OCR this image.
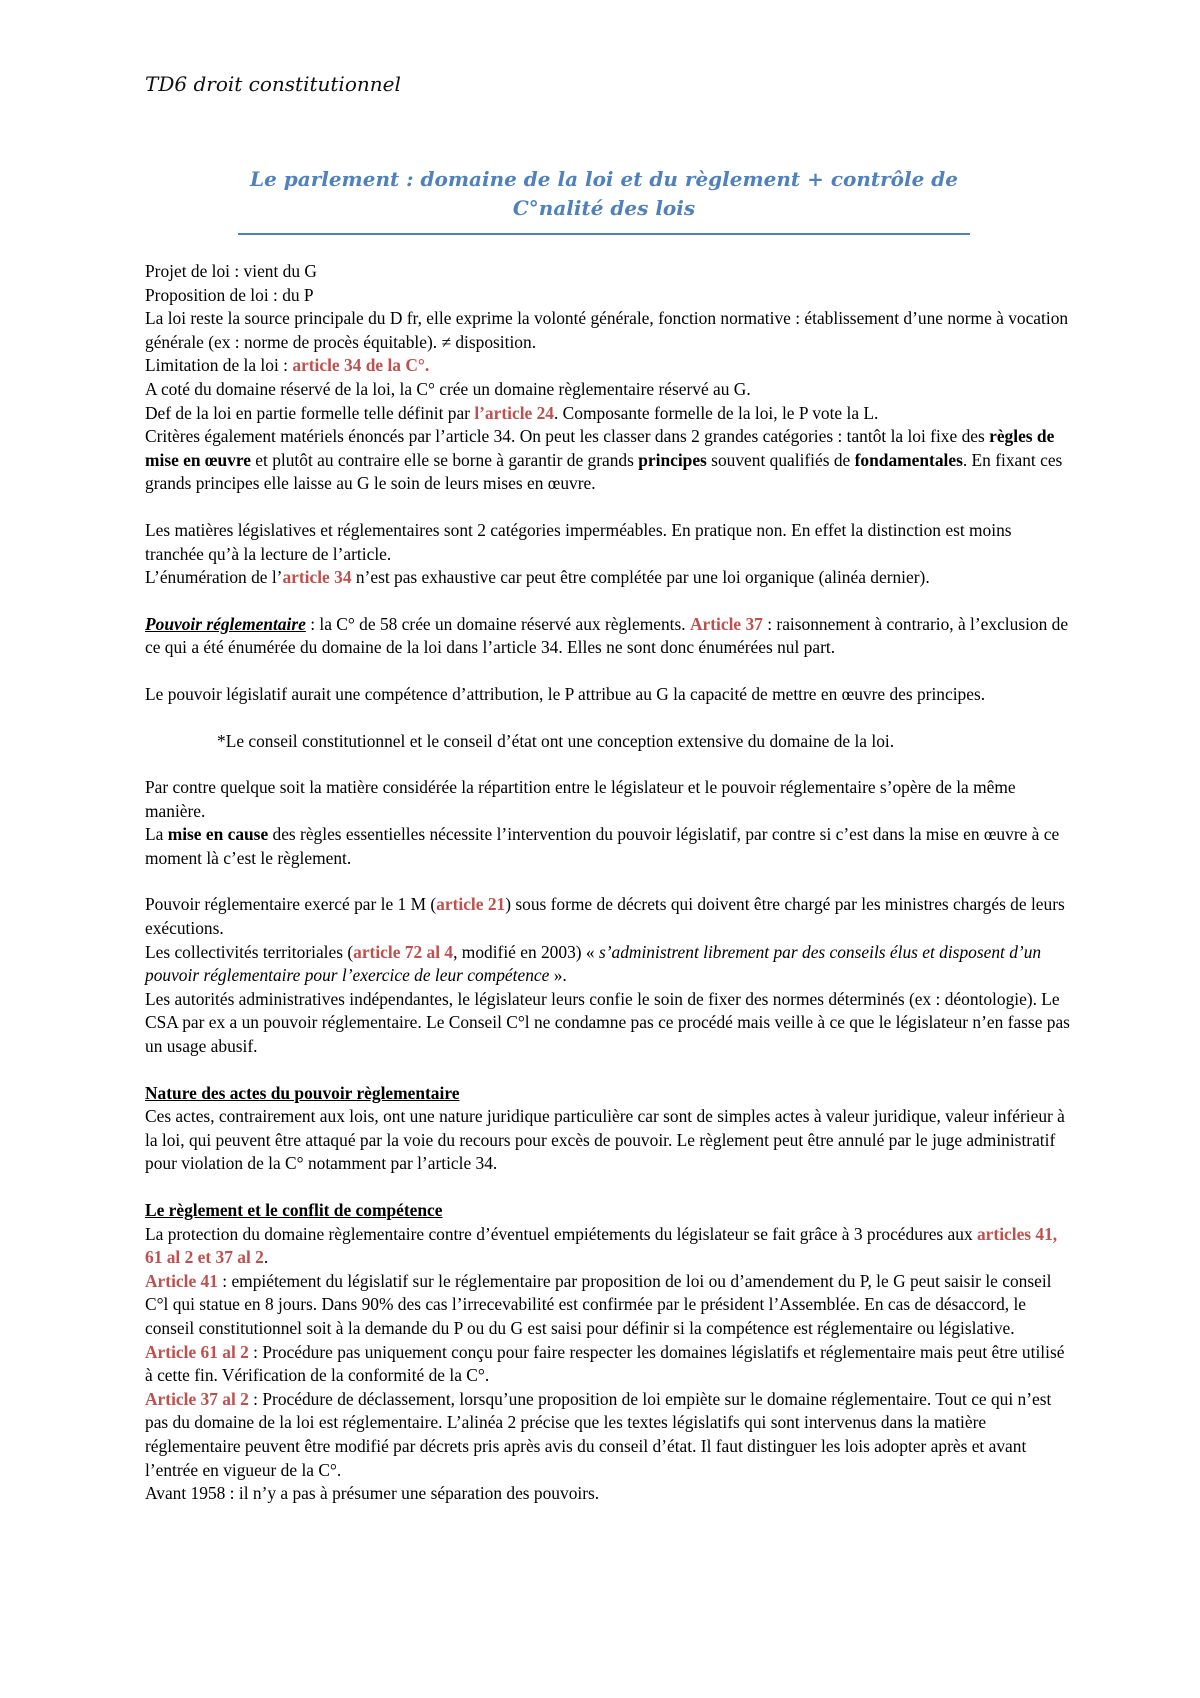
TD6 droit constitutionnel
Le parlement : domaine de la loi et du règlement + contrôle de
C°nalité des lois

Projet de loi : vient du G

Proposition de loi : du P

La loi reste la source principale du D fr, elle exprime la volonté générale, fonction normative : établissement d’une norme à vocation générale (ex : norme de procès équitable). ≠ disposition.

Limitation de la loi : article 34 de la C°.

A coté du domaine réservé de la loi, la C° crée un domaine règlementaire réservé au G.

Def de la loi en partie formelle telle définit par l’article 24. Composante formelle de la loi, le P vote la L.

Critères également matériels énoncés par l’article 34. On peut les classer dans 2 grandes catégories : tantôt la loi fixe des règles de mise en œuvre et plutôt au contraire elle se borne à garantir de grands principes souvent qualifiés de fondamentales. En fixant ces grands principes elle laisse au G le soin de leurs mises en œuvre.

Les matières législatives et réglementaires sont 2 catégories imperméables. En pratique non. En effet la distinction est moins tranchée qu’à la lecture de l’article.

L’énumération de l’article 34 n’est pas exhaustive car peut être complétée par une loi organique (alinéa dernier).

Pouvoir réglementaire : la C° de 58 crée un domaine réservé aux règlements. Article 37 : raisonnement à contrario, à l’exclusion de ce qui a été énumérée du domaine de la loi dans l’article 34. Elles ne sont donc énumérées nul part.

Le pouvoir législatif aurait une compétence d’attribution, le P attribue au G la capacité de mettre en œuvre des principes.

*Le conseil constitutionnel et le conseil d’état ont une conception extensive du domaine de la loi.

Par contre quelque soit la matière considérée la répartition entre le législateur et le pouvoir réglementaire s’opère de la même manière.

La mise en cause des règles essentielles nécessite l’intervention du pouvoir législatif, par contre si c’est dans la mise en œuvre à ce moment là c’est le règlement.

Pouvoir réglementaire exercé par le 1 M (article 21) sous forme de décrets qui doivent être chargé par les ministres chargés de leurs exécutions.

Les collectivités territoriales (article 72 al 4, modifié en 2003) « s’administrent librement par des conseils élus et disposent d’un pouvoir réglementaire pour l’exercice de leur compétence ».

Les autorités administratives indépendantes, le législateur leurs confie le soin de fixer des normes déterminés (ex : déontologie). Le CSA par ex a un pouvoir réglementaire. Le Conseil C°l ne condamne pas ce procédé mais veille à ce que le législateur n’en fasse pas un usage abusif.

Nature des actes du pouvoir règlementaire

Ces actes, contrairement aux lois, ont une nature juridique particulière car sont de simples actes à valeur juridique, valeur inférieur à la loi, qui peuvent être attaqué par la voie du recours pour excès de pouvoir. Le règlement peut être annulé par le juge administratif pour violation de la C° notamment par l’article 34.

Le règlement et le conflit de compétence

La protection du domaine règlementaire contre d’éventuel empiétements du législateur se fait grâce à 3 procédures aux articles 41, 61 al 2 et 37 al 2.

Article 41 : empiétement du législatif sur le réglementaire par proposition de loi ou d’amendement du P, le G peut saisir le conseil C°l qui statue en 8 jours. Dans 90% des cas l’irrecevabilité est confirmée par le président l’Assemblée. En cas de désaccord, le conseil constitutionnel soit à la demande du P ou du G est saisi pour définir si la compétence est réglementaire ou législative.

Article 61 al 2 : Procédure pas uniquement conçu pour faire respecter les domaines législatifs et réglementaire mais peut être utilisé à cette fin. Vérification de la conformité de la C°.

Article 37 al 2 : Procédure de déclassement, lorsqu’une proposition de loi empiète sur le domaine réglementaire. Tout ce qui n’est pas du domaine de la loi est réglementaire. L’alinéa 2 précise que les textes législatifs qui sont intervenus dans la matière réglementaire peuvent être modifié par décrets pris après avis du conseil d’état. Il faut distinguer les lois adopter après et avant l’entrée en vigueur de la C°.

Avant 1958 : il n’y a pas à présumer une séparation des pouvoirs.
